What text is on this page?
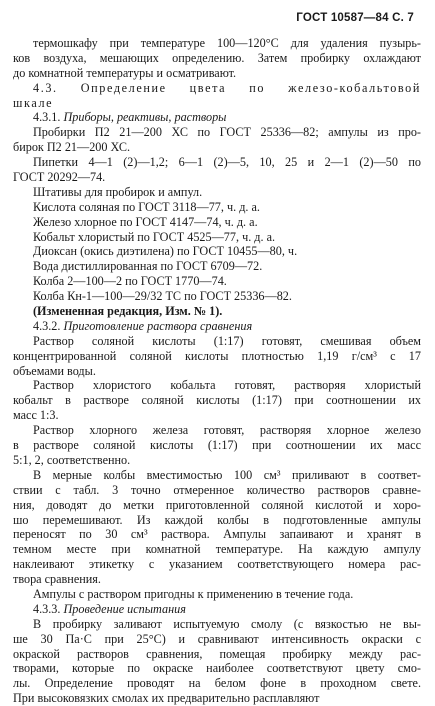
ГОСТ 10587—84 С. 7
термошкафу при температуре 100—120°С для удаления пузырь-
ков воздуха, мешающих определению. Затем пробирку охлаждают
до комнатной температуры и осматривают.
4.3. Определение цвета по железо-кобальтовой
шкале
4.3.1. Приборы, реактивы, растворы
Пробирки П2 21—200 ХС по ГОСТ 25336—82; ампулы из про-
бирок П2 21—200 ХС.
Пипетки 4—1 (2)—1,2; 6—1 (2)—5, 10, 25 и 2—1 (2)—50 по
ГОСТ 20292—74.
Штативы для пробирок и ампул.
Кислота соляная по ГОСТ 3118—77, ч. д. а.
Железо хлорное по ГОСТ 4147—74, ч. д. а.
Кобальт хлористый по ГОСТ 4525—77, ч. д. а.
Диоксан (окись диэтилена) по ГОСТ 10455—80, ч.
Вода дистиллированная по ГОСТ 6709—72.
Колба 2—100—2 по ГОСТ 1770—74.
Колба Кн-1—100—29/32 ТС по ГОСТ 25336—82.
(Измененная редакция, Изм. № 1).
4.3.2. Приготовление раствора сравнения
Раствор соляной кислоты (1:17) готовят, смешивая объем
концентрированной соляной кислоты плотностью 1,19 г/см³ с 17
объемами воды.
Раствор хлористого кобальта готовят, растворяя хлористый
кобальт в растворе соляной кислоты (1:17) при соотношении их
масс 1:3.
Раствор хлорного железа готовят, растворяя хлорное железо
в растворе соляной кислоты (1:17) при соотношении их масс
5:1, 2, соответственно.
В мерные колбы вместимостью 100 см³ приливают в соответ-
ствии с табл. 3 точно отмеренное количество растворов сравне-
ния, доводят до метки приготовленной соляной кислотой и хоро-
шо перемешивают. Из каждой колбы в подготовленные ампулы
переносят по 30 см³ раствора. Ампулы запаивают и хранят в
темном месте при комнатной температуре. На каждую ампулу
наклеивают этикетку с указанием соответствующего номера рас-
твора сравнения.
Ампулы с раствором пригодны к применению в течение года.
4.3.3. Проведение испытания
В пробирку заливают испытуемую смолу (с вязкостью не вы-
ше 30 Па·С при 25°С) и сравнивают интенсивность окраски с
окраской растворов сравнения, помещая пробирку между рас-
творами, которые по окраске наиболее соответствуют цвету смо-
лы. Определение проводят на белом фоне в проходном свете.
При высоковязких смолах их предварительно расплавляют
